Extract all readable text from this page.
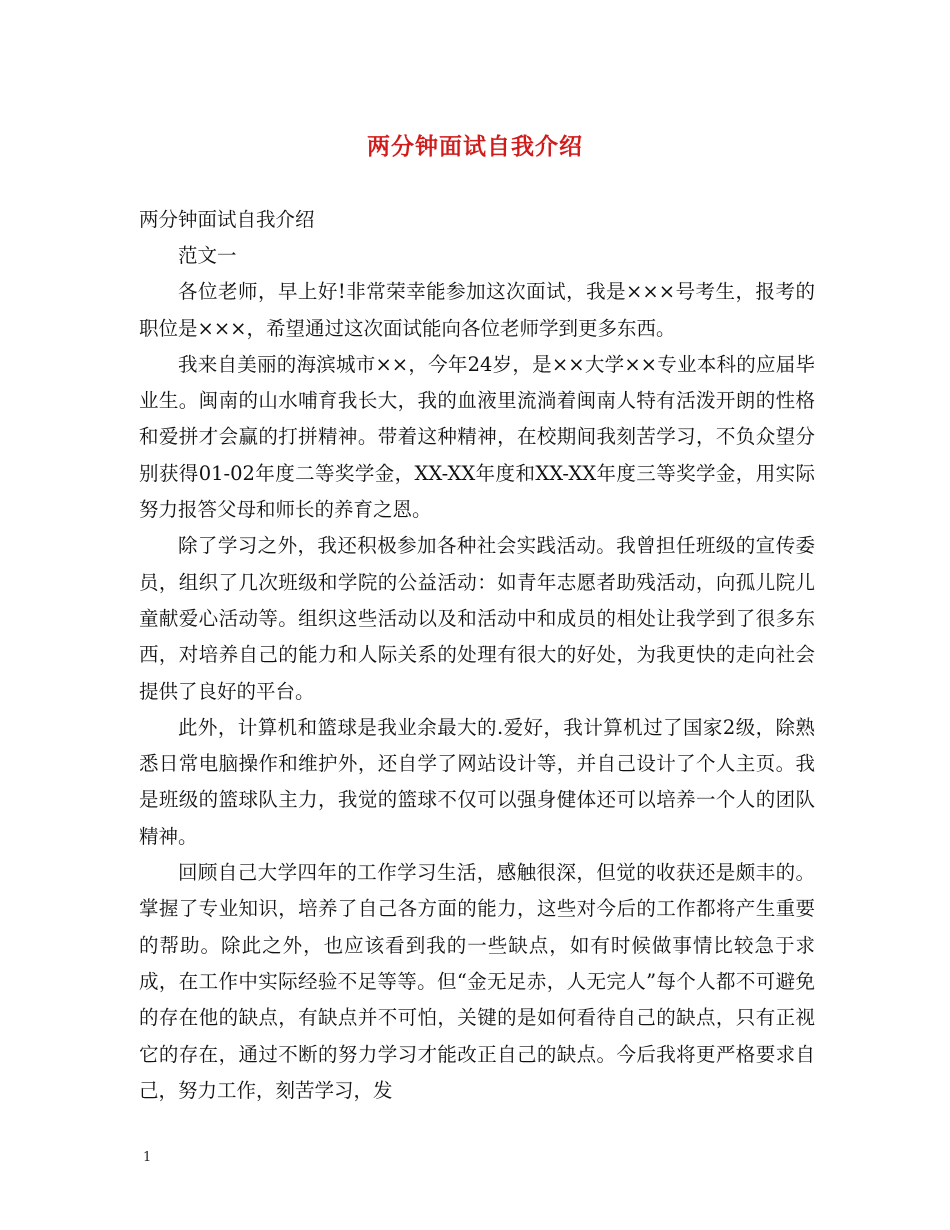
两分钟面试自我介绍

两分钟面试自我介绍

范文一

各位老师，早上好!非常荣幸能参加这次面试，我是×××号考生，报考的职位是×××，希望通过这次面试能向各位老师学到更多东西。

我来自美丽的海滨城市××，今年24岁，是××大学××专业本科的应届毕业生。闽南的山水哺育我长大，我的血液里流淌着闽南人特有活泼开朗的性格和爱拼才会赢的打拼精神。带着这种精神，在校期间我刻苦学习，不负众望分别获得01-02年度二等奖学金，XX-XX年度和XX-XX年度三等奖学金，用实际努力报答父母和师长的养育之恩。

除了学习之外，我还积极参加各种社会实践活动。我曾担任班级的宣传委员，组织了几次班级和学院的公益活动：如青年志愿者助残活动，向孤儿院儿童献爱心活动等。组织这些活动以及和活动中和成员的相处让我学到了很多东西，对培养自己的能力和人际关系的处理有很大的好处，为我更快的走向社会提供了良好的平台。

此外，计算机和篮球是我业余最大的.爱好，我计算机过了国家2级，除熟悉日常电脑操作和维护外，还自学了网站设计等，并自己设计了个人主页。我是班级的篮球队主力，我觉的篮球不仅可以强身健体还可以培养一个人的团队精神。

回顾自己大学四年的工作学习生活，感触很深，但觉的收获还是颇丰的。掌握了专业知识，培养了自己各方面的能力，这些对今后的工作都将产生重要的帮助。除此之外，也应该看到我的一些缺点，如有时候做事情比较急于求成，在工作中实际经验不足等等。但“金无足赤，人无完人”每个人都不可避免的存在他的缺点，有缺点并不可怕，关键的是如何看待自己的缺点，只有正视它的存在，通过不断的努力学习才能改正自己的缺点。今后我将更严格要求自己，努力工作，刻苦学习，发

1
